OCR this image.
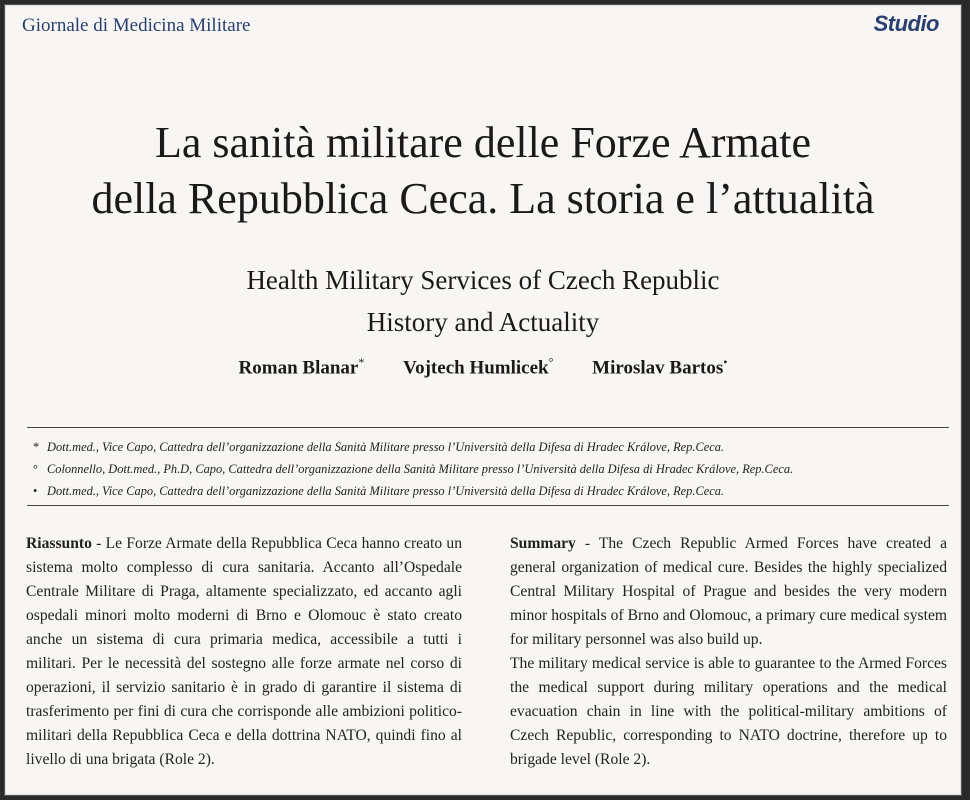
Giornale di Medicina Militare	Studio
La sanità militare delle Forze Armate
della Repubblica Ceca. La storia e l’attualità
Health Military Services of Czech Republic
History and Actuality
Roman Blanar* Vojtech Humlicek° Miroslav Bartos•
* Dott.med., Vice Capo, Cattedra dell’organizzazione della Sanità Militare presso l’Università della Difesa di Hradec Králove, Rep.Ceca.
° Colonnello, Dott.med., Ph.D, Capo, Cattedra dell’organizzazione della Sanità Militare presso l’Università della Difesa di Hradec Králove, Rep.Ceca.
• Dott.med., Vice Capo, Cattedra dell’organizzazione della Sanità Militare presso l’Università della Difesa di Hradec Králove, Rep.Ceca.

Riassunto - Le Forze Armate della Repubblica Ceca hanno creato un sistema molto complesso di cura sanitaria. Accanto all’Ospedale Centrale Militare di Praga, altamente specializzato, ed accanto agli ospedali minori molto moderni di Brno e Olomouc è stato creato anche un sistema di cura primaria medica, accessibile a tutti i militari. Per le necessità del sostegno alle forze armate nel corso di operazioni, il servizio sanitario è in grado di garantire il sistema di trasferimento per fini di cura che corrisponde alle ambizioni politico-militari della Repubblica Ceca e della dottrina NATO, quindi fino al livello di una brigata (Role 2).

Summary - The Czech Republic Armed Forces have created a general organization of medical cure. Besides the highly specialized Central Military Hospital of Prague and besides the very modern minor hospitals of Brno and Olomouc, a primary cure medical system for military personnel was also build up.

The military medical service is able to guarantee to the Armed Forces the medical support during military operations and the medical evacuation chain in line with the political-military ambitions of Czech Republic, corresponding to NATO doctrine, therefore up to brigade level (Role 2).
